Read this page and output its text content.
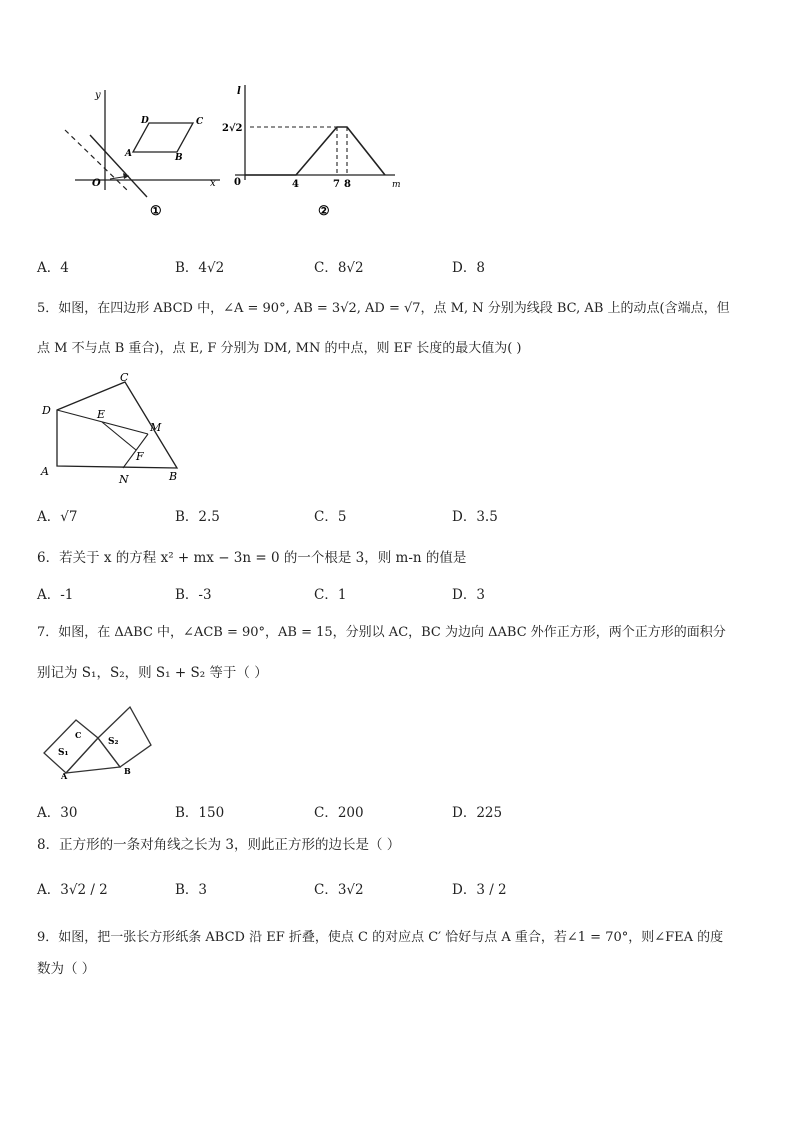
y
x
O
A	B
C
D
①
l
m
0
2√2
4	7 8
②
A．4	B．4√2	C．8√2	D．8
5．如图，在四边形 ABCD 中，∠A = 90°, AB = 3√2, AD = √7，点 M, N 分别为线段 BC, AB 上的动点(含端点，但
点 M 不与点 B 重合)，点 E, F 分别为 DM, MN 的中点，则 EF 长度的最大值为( )
C
D	E
M
F
A
N	B
A．√7	B．2.5	C．5	D．3.5
6．若关于 x 的方程 x² + mx − 3n = 0 的一个根是 3，则 m-n 的值是
A．-1	B．-3	C．1	D．3
7．如图，在 ΔABC 中，∠ACB = 90°，AB = 15，分别以 AC，BC 为边向 ΔABC 外作正方形，两个正方形的面积分
别记为 S₁，S₂，则 S₁ + S₂ 等于（ ）
S₁
S₂
C
A	B
A．30	B．150	C．200	D．225
8．正方形的一条对角线之长为 3，则此正方形的边长是（ ）
A．3√2 / 2	B．3	C．3√2	D．3 / 2
9．如图，把一张长方形纸条 ABCD 沿 EF 折叠，使点 C 的对应点 C′ 恰好与点 A 重合，若∠1 = 70°，则∠FEA 的度
数为（ ）
